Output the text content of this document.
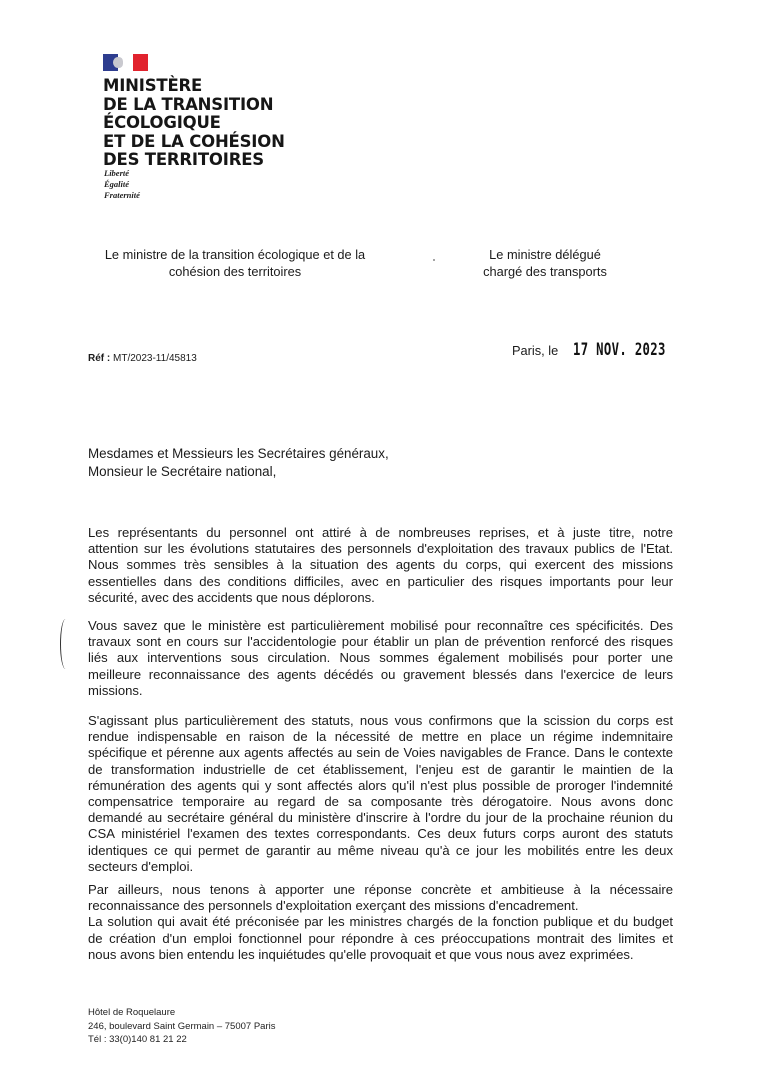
MINISTÈRE
DE LA TRANSITION
ÉCOLOGIQUE
ET DE LA COHÉSION
DES TERRITOIRES
Liberté
Égalité
Fraternité
Le ministre de la transition écologique et de la
cohésion des territoires
Le ministre délégué
chargé des transports
Réf : MT/2023-11/45813
Paris, le 17 NOV. 2023
Mesdames et Messieurs les Secrétaires généraux,
Monsieur le Secrétaire national,
Les représentants du personnel ont attiré à de nombreuses reprises, et à juste titre, notre
attention sur les évolutions statutaires des personnels d'exploitation des travaux publics de l'Etat.
Nous sommes très sensibles à la situation des agents du corps, qui exercent des missions
essentielles dans des conditions difficiles, avec en particulier des risques importants pour leur
sécurité, avec des accidents que nous déplorons.
Vous savez que le ministère est particulièrement mobilisé pour reconnaître ces spécificités. Des
travaux sont en cours sur l'accidentologie pour établir un plan de prévention renforcé des risques
liés aux interventions sous circulation. Nous sommes également mobilisés pour porter une
meilleure reconnaissance des agents décédés ou gravement blessés dans l'exercice de leurs
missions.
S'agissant plus particulièrement des statuts, nous vous confirmons que la scission du corps est
rendue indispensable en raison de la nécessité de mettre en place un régime indemnitaire
spécifique et pérenne aux agents affectés au sein de Voies navigables de France. Dans le contexte
de transformation industrielle de cet établissement, l'enjeu est de garantir le maintien de la
rémunération des agents qui y sont affectés alors qu'il n'est plus possible de proroger l'indemnité
compensatrice temporaire au regard de sa composante très dérogatoire. Nous avons donc
demandé au secrétaire général du ministère d'inscrire à l'ordre du jour de la prochaine réunion du
CSA ministériel l'examen des textes correspondants. Ces deux futurs corps auront des statuts
identiques ce qui permet de garantir au même niveau qu'à ce jour les mobilités entre les deux
secteurs d'emploi.
Par ailleurs, nous tenons à apporter une réponse concrète et ambitieuse à la nécessaire
reconnaissance des personnels d'exploitation exerçant des missions d'encadrement.
La solution qui avait été préconisée par les ministres chargés de la fonction publique et du budget
de création d'un emploi fonctionnel pour répondre à ces préoccupations montrait des limites et
nous avons bien entendu les inquiétudes qu'elle provoquait et que vous nous avez exprimées.
Hôtel de Roquelaure
246, boulevard Saint Germain – 75007 Paris
Tél : 33(0)140 81 21 22
